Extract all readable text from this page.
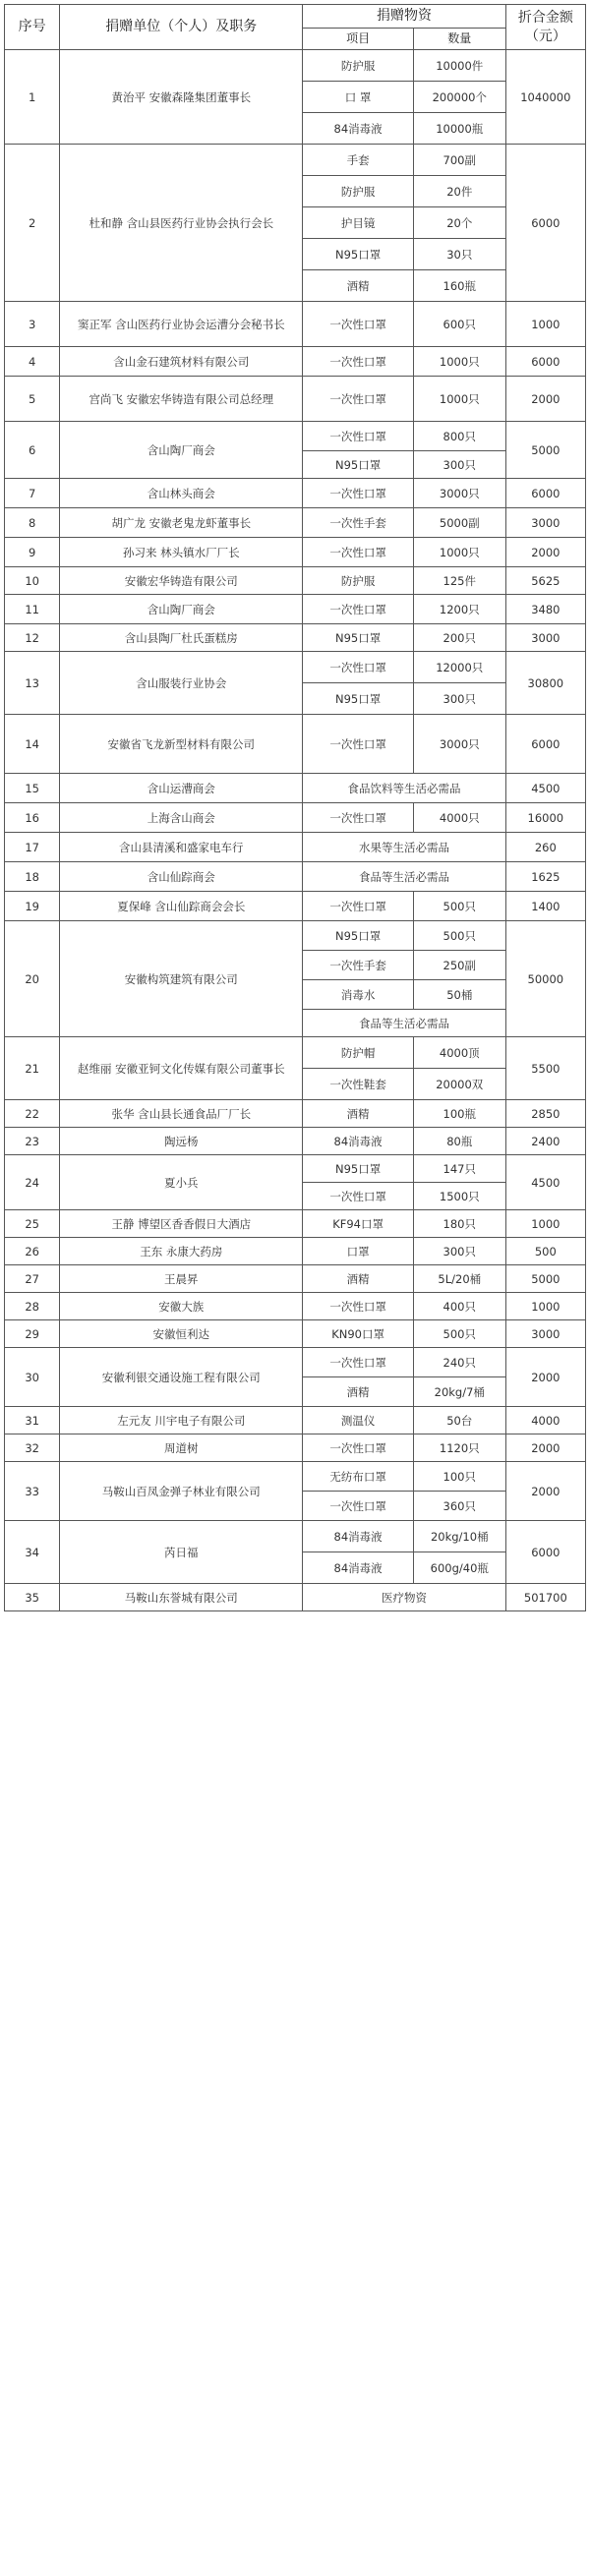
序号	捐赠单位（个人）及职务	捐赠物资		折合金额（元）
		项目	数量	
1	黄治平 安徽森隆集团董事长	防护服	10000件	1040000
		口 罩	200000个	
		84消毒液	10000瓶	
2	杜和静 含山县医药行业协会执行会长	手套	700副	6000
		防护服	20件	
		护目镜	20个	
		N95口罩	30只	
		酒精	160瓶	
3	窦正军 含山医药行业协会运漕分会秘书长	一次性口罩	600只	1000
4	含山金石建筑材料有限公司	一次性口罩	1000只	6000
5	宫尚飞 安徽宏华铸造有限公司总经理	一次性口罩	1000只	2000
6	含山陶厂商会	一次性口罩	800只	5000
		N95口罩	300只	
7	含山林头商会	一次性口罩	3000只	6000
8	胡广龙 安徽老鬼龙虾董事长	一次性手套	5000副	3000
9	孙习来 林头镇水厂厂长	一次性口罩	1000只	2000
10	安徽宏华铸造有限公司	防护服	125件	5625
11	含山陶厂商会	一次性口罩	1200只	3480
12	含山县陶厂杜氏蛋糕房	N95口罩	200只	3000
13	含山服装行业协会	一次性口罩	12000只	30800
		N95口罩	300只	
14	安徽省飞龙新型材料有限公司	一次性口罩	3000只	6000
15	含山运漕商会	食品饮料等生活必需品		4500
16	上海含山商会	一次性口罩	4000只	16000
17	含山县清溪和盛家电车行	水果等生活必需品		260
18	含山仙踪商会	食品等生活必需品		1625
19	夏保峰 含山仙踪商会会长	一次性口罩	500只	1400
20	安徽构筑建筑有限公司	N95口罩	500只	50000
		一次性手套	250副	
		消毒水	50桶	
		食品等生活必需品		
21	赵维丽 安徽亚钶文化传媒有限公司董事长	防护帽	4000顶	5500
		一次性鞋套	20000双	
22	张华 含山县长通食品厂厂长	酒精	100瓶	2850
23	陶远杨	84消毒液	80瓶	2400
24	夏小兵	N95口罩	147只	4500
		一次性口罩	1500只	
25	王静 博望区香香假日大酒店	KF94口罩	180只	1000
26	王东 永康大药房	口罩	300只	500
27	王晨昇	酒精	5L/20桶	5000
28	安徽大族	一次性口罩	400只	1000
29	安徽恒利达	KN90口罩	500只	3000
30	安徽利银交通设施工程有限公司	一次性口罩	240只	2000
		酒精	20kg/7桶	
31	左元友 川宇电子有限公司	测温仪	50台	4000
32	周道树	一次性口罩	1120只	2000
33	马鞍山百凤金弹子林业有限公司	无纺布口罩	100只	2000
		一次性口罩	360只	
34	芮日福	84消毒液	20kg/10桶	6000
		84消毒液	600g/40瓶	
35	马鞍山东誉城有限公司	医疗物资		501700
